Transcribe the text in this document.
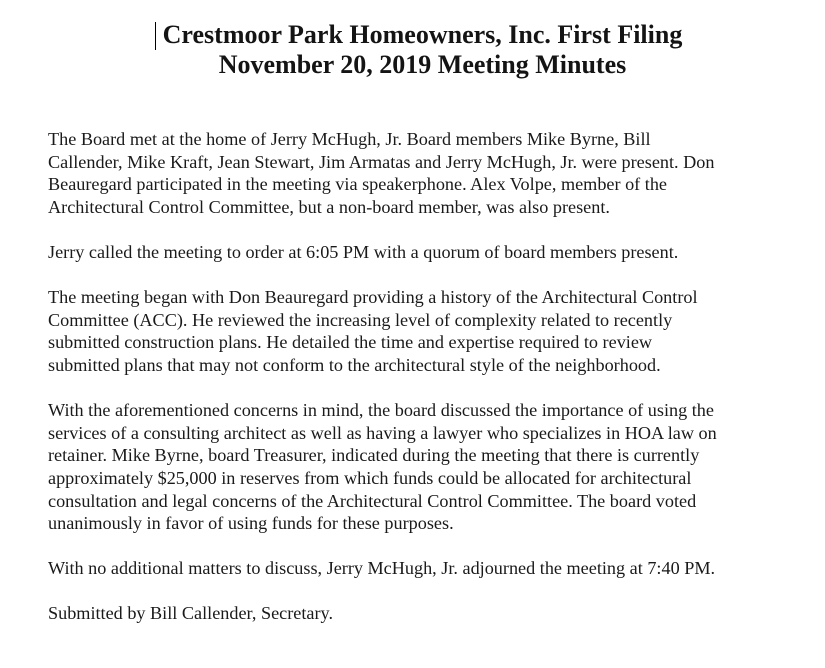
Crestmoor Park Homeowners, Inc. First Filing
November 20, 2019 Meeting Minutes

The Board met at the home of Jerry McHugh, Jr. Board members Mike Byrne, Bill
Callender, Mike Kraft, Jean Stewart, Jim Armatas and Jerry McHugh, Jr. were present. Don
Beauregard participated in the meeting via speakerphone. Alex Volpe, member of the
Architectural Control Committee, but a non-board member, was also present.

Jerry called the meeting to order at 6:05 PM with a quorum of board members present.

The meeting began with Don Beauregard providing a history of the Architectural Control
Committee (ACC). He reviewed the increasing level of complexity related to recently
submitted construction plans. He detailed the time and expertise required to review
submitted plans that may not conform to the architectural style of the neighborhood.

With the aforementioned concerns in mind, the board discussed the importance of using the
services of a consulting architect as well as having a lawyer who specializes in HOA law on
retainer. Mike Byrne, board Treasurer, indicated during the meeting that there is currently
approximately $25,000 in reserves from which funds could be allocated for architectural
consultation and legal concerns of the Architectural Control Committee. The board voted
unanimously in favor of using funds for these purposes.

With no additional matters to discuss, Jerry McHugh, Jr. adjourned the meeting at 7:40 PM.

Submitted by Bill Callender, Secretary.
